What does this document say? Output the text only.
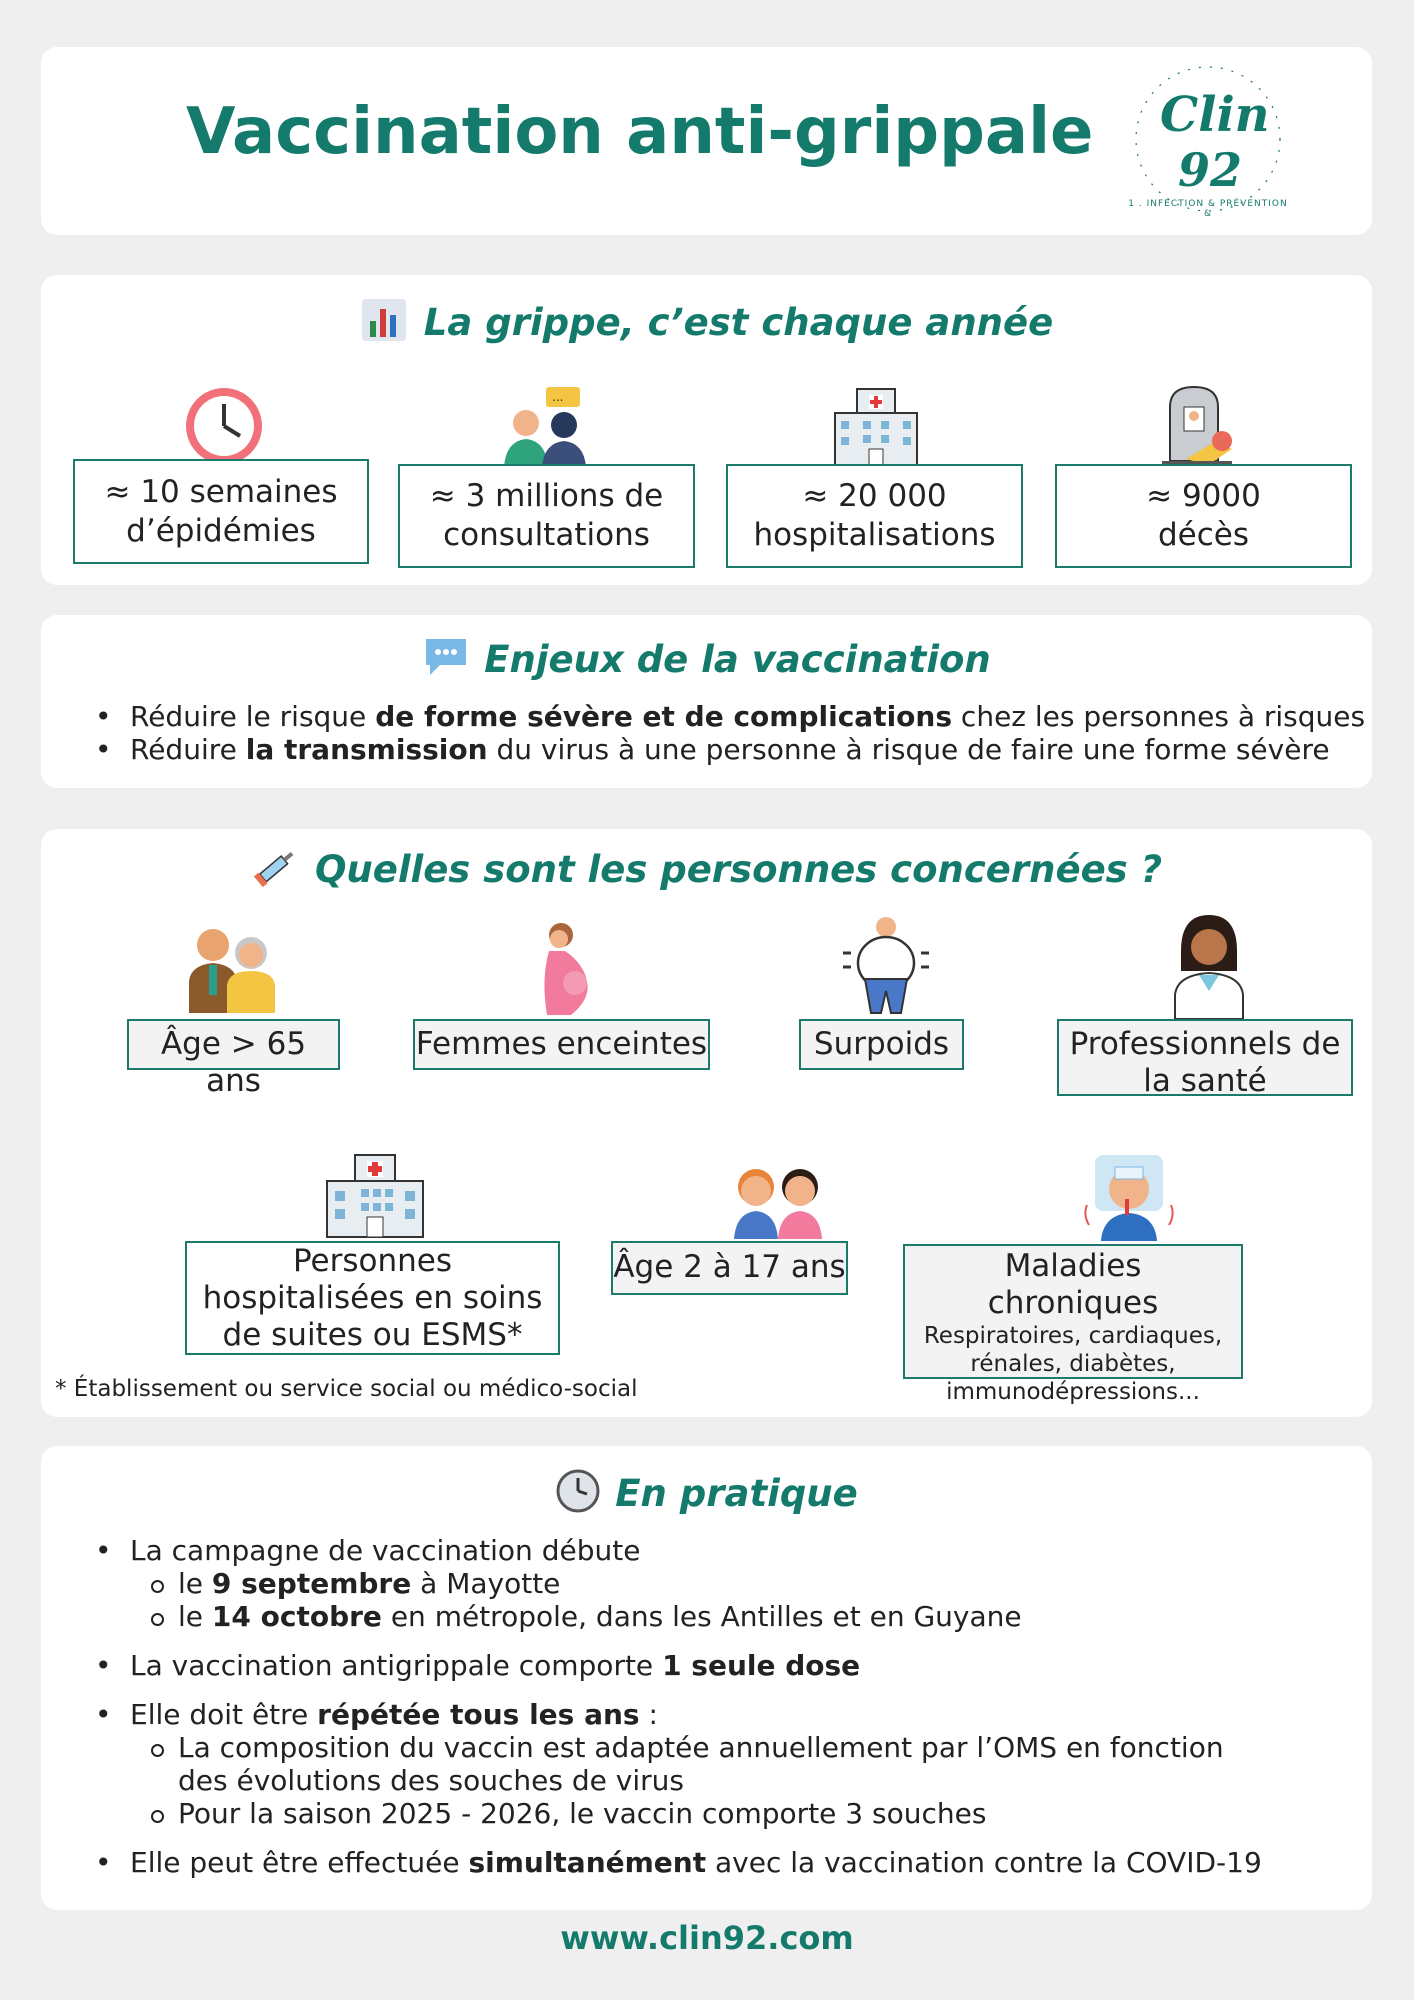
Vaccination anti-grippale Clin
92
1 . INFECTION & PRÉVENTION &
La grippe, c’est chaque année
...
≈ 10 semaines
d’épidémies
≈ 3 millions de
consultations
≈ 20 000
hospitalisations
≈ 9000
décès
Enjeux de la vaccination
• Réduire le risque de forme sévère et de complications chez les personnes à risques
• Réduire la transmission du virus à une personne à risque de faire une forme sévère
Quelles sont les personnes concernées ?
Âge > 65 ans
Femmes enceintes	Surpoids	Professionnels de la santé
Personnes hospitalisées en soins de suites ou ESMS*
Âge 2 à 17 ans	Maladies chroniques
Respiratoires, cardiaques, rénales, diabètes, immunodépressions...
* Établissement ou service social ou médico-social
En pratique
• La campagne de vaccination débute
le 9 septembre à Mayotte
le 14 octobre en métropole, dans les Antilles et en Guyane
• La vaccination antigrippale comporte 1 seule dose
• Elle doit être répétée tous les ans :
La composition du vaccin est adaptée annuellement par l’OMS en fonction des évolutions des souches de virus
Pour la saison 2025 - 2026, le vaccin comporte 3 souches
• Elle peut être effectuée simultanément avec la vaccination contre la COVID-19
www.clin92.com
